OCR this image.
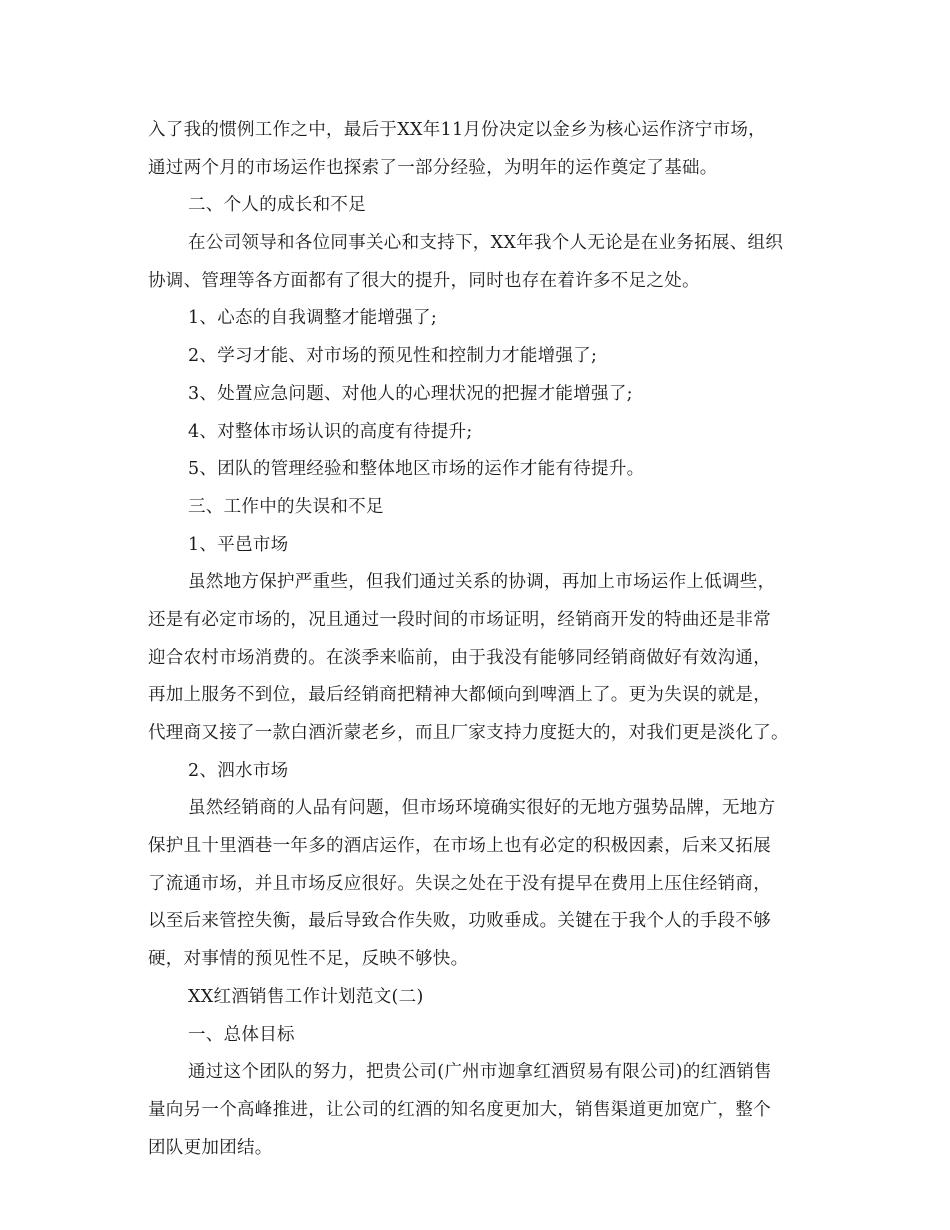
入了我的惯例工作之中，最后于XX年11月份决定以金乡为核心运作济宁市场，
通过两个月的市场运作也探索了一部分经验，为明年的运作奠定了基础。
二、个人的成长和不足
在公司领导和各位同事关心和支持下，XX年我个人无论是在业务拓展、组织
协调、管理等各方面都有了很大的提升，同时也存在着许多不足之处。
1、心态的自我调整才能增强了;
2、学习才能、对市场的预见性和控制力才能增强了;
3、处置应急问题、对他人的心理状况的把握才能增强了;
4、对整体市场认识的高度有待提升;
5、团队的管理经验和整体地区市场的运作才能有待提升。
三、工作中的失误和不足
1、平邑市场
虽然地方保护严重些，但我们通过关系的协调，再加上市场运作上低调些，
还是有必定市场的，况且通过一段时间的市场证明，经销商开发的特曲还是非常
迎合农村市场消费的。在淡季来临前，由于我没有能够同经销商做好有效沟通，
再加上服务不到位，最后经销商把精神大都倾向到啤酒上了。更为失误的就是，
代理商又接了一款白酒沂蒙老乡，而且厂家支持力度挺大的，对我们更是淡化了。
2、泗水市场
虽然经销商的人品有问题，但市场环境确实很好的无地方强势品牌，无地方
保护且十里酒巷一年多的酒店运作，在市场上也有必定的积极因素，后来又拓展
了流通市场，并且市场反应很好。失误之处在于没有提早在费用上压住经销商，
以至后来管控失衡，最后导致合作失败，功败垂成。关键在于我个人的手段不够
硬，对事情的预见性不足，反映不够快。
XX红酒销售工作计划范文(二)
一、总体目标
通过这个团队的努力，把贵公司(广州市迦拿红酒贸易有限公司)的红酒销售
量向另一个高峰推进，让公司的红酒的知名度更加大，销售渠道更加宽广，整个
团队更加团结。
